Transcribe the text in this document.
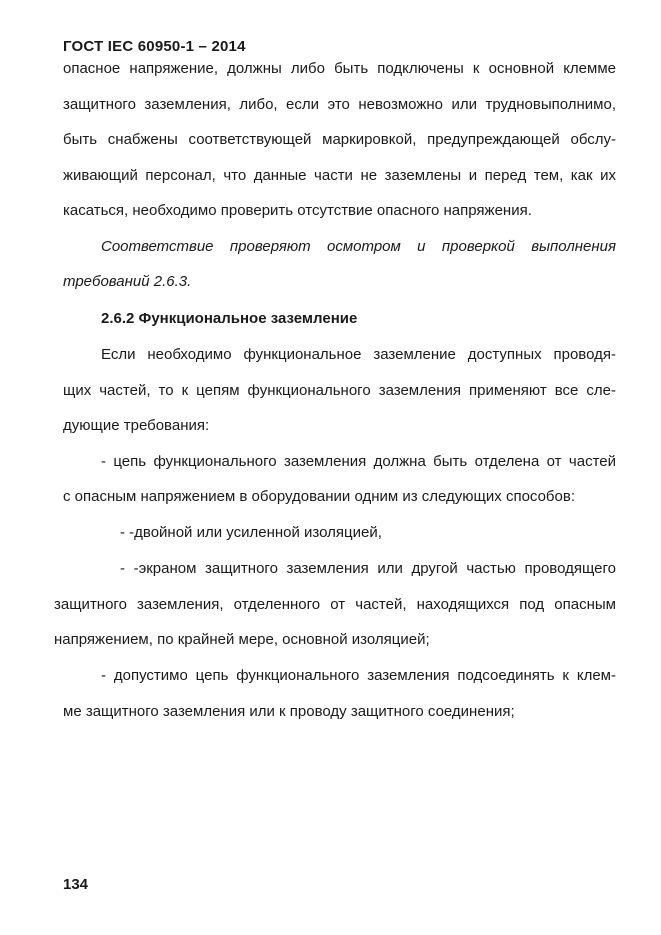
ГОСТ IEC 60950-1 – 2014
опасное напряжение, должны либо быть подключены к основной клемме
защитного заземления, либо, если это невозможно или трудновыполнимо,
быть снабжены соответствующей маркировкой, предупреждающей обслу-
живающий персонал, что данные части не заземлены и перед тем, как их
касаться, необходимо проверить отсутствие опасного напряжения.
Соответствие проверяют осмотром и проверкой выполнения
требований 2.6.3.
2.6.2 Функциональное заземление
Если необходимо функциональное заземление доступных проводя-
щих частей, то к цепям функционального заземления применяют все сле-
дующие требования:
- цепь функционального заземления должна быть отделена от частей
с опасным напряжением в оборудовании одним из следующих способов:
- -двойной или усиленной изоляцией,
- -экраном защитного заземления или другой частью проводящего
защитного заземления, отделенного от частей, находящихся под опасным
напряжением, по крайней мере, основной изоляцией;
- допустимо цепь функционального заземления подсоединять к клем-
ме защитного заземления или к проводу защитного соединения;
134
